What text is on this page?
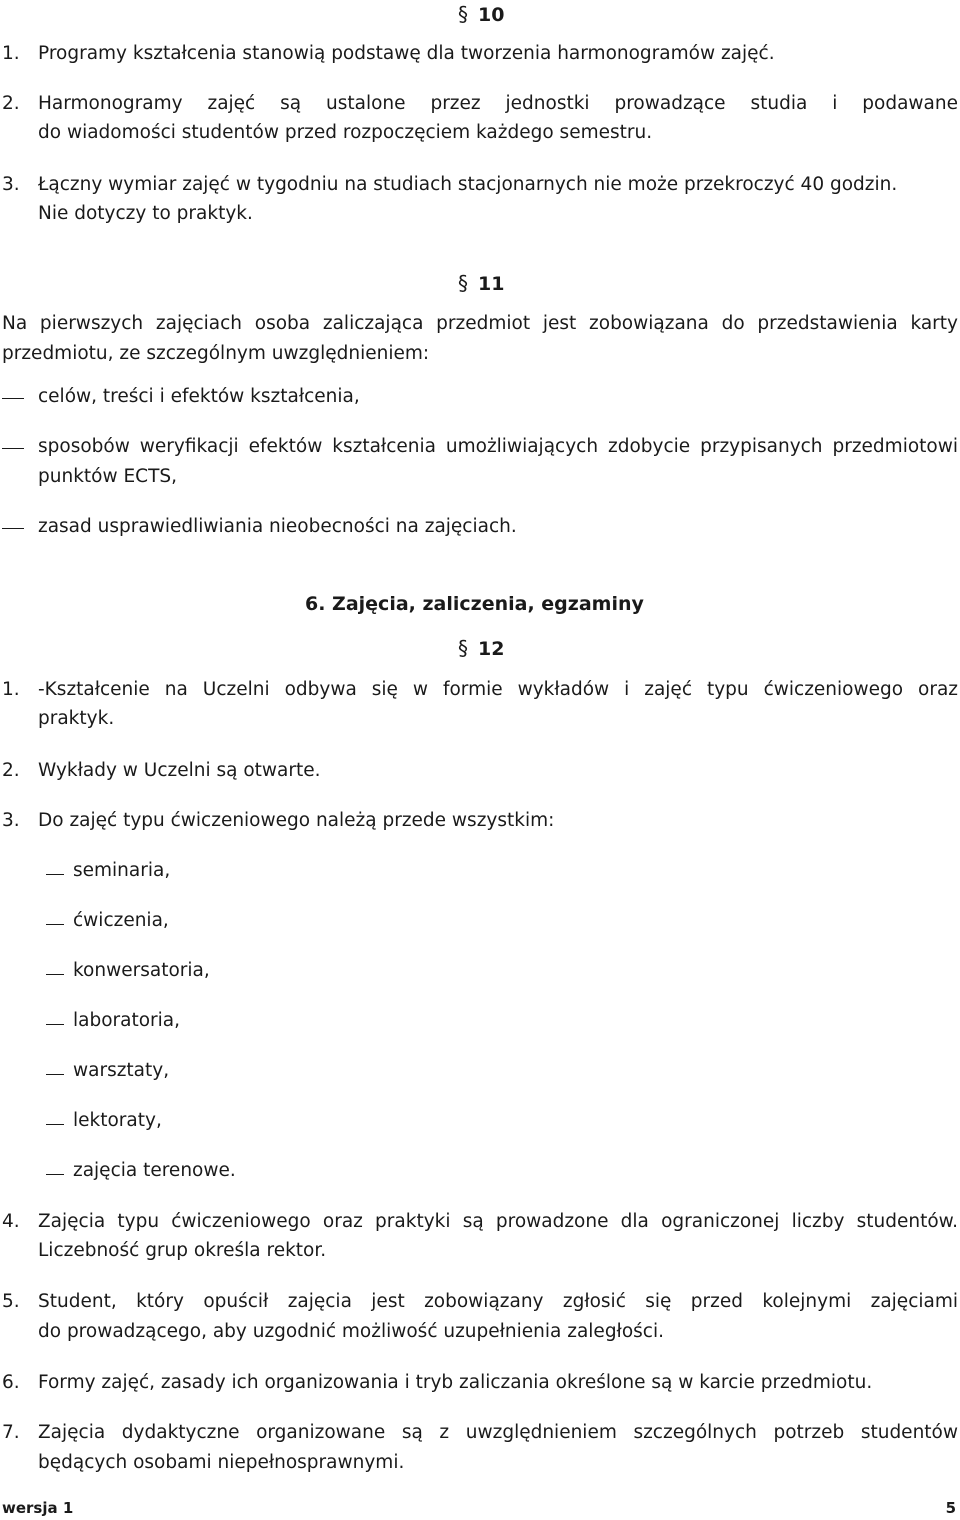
§ 10
1. Programy kształcenia stanowią podstawę dla tworzenia harmonogramów zajęć.
2. Harmonogramy zajęć są ustalone przez jednostki prowadzące studia i podawane
do wiadomości studentów przed rozpoczęciem każdego semestru.
3. Łączny wymiar zajęć w tygodniu na studiach stacjonarnych nie może przekroczyć 40 godzin.
Nie dotyczy to praktyk.
§ 11
Na pierwszych zajęciach osoba zaliczająca przedmiot jest zobowiązana do przedstawienia karty
przedmiotu, ze szczególnym uwzględnieniem:
celów, treści i efektów kształcenia,
sposobów weryfikacji efektów kształcenia umożliwiających zdobycie przypisanych przedmiotowi
punktów ECTS,
zasad usprawiedliwiania nieobecności na zajęciach.
6. Zajęcia, zaliczenia, egzaminy
§ 12
1. -Kształcenie na Uczelni odbywa się w formie wykładów i zajęć typu ćwiczeniowego oraz
praktyk.
2. Wykłady w Uczelni są otwarte.
3. Do zajęć typu ćwiczeniowego należą przede wszystkim:
seminaria,
ćwiczenia,
konwersatoria,
laboratoria,
warsztaty,
lektoraty,
zajęcia terenowe.
4. Zajęcia typu ćwiczeniowego oraz praktyki są prowadzone dla ograniczonej liczby studentów.
Liczebność grup określa rektor.
5. Student, który opuścił zajęcia jest zobowiązany zgłosić się przed kolejnymi zajęciami
do prowadzącego, aby uzgodnić możliwość uzupełnienia zaległości.
6. Formy zajęć, zasady ich organizowania i tryb zaliczania określone są w karcie przedmiotu.
7. Zajęcia dydaktyczne organizowane są z uwzględnieniem szczególnych potrzeb studentów
będących osobami niepełnosprawnymi.
wersja 1	5
